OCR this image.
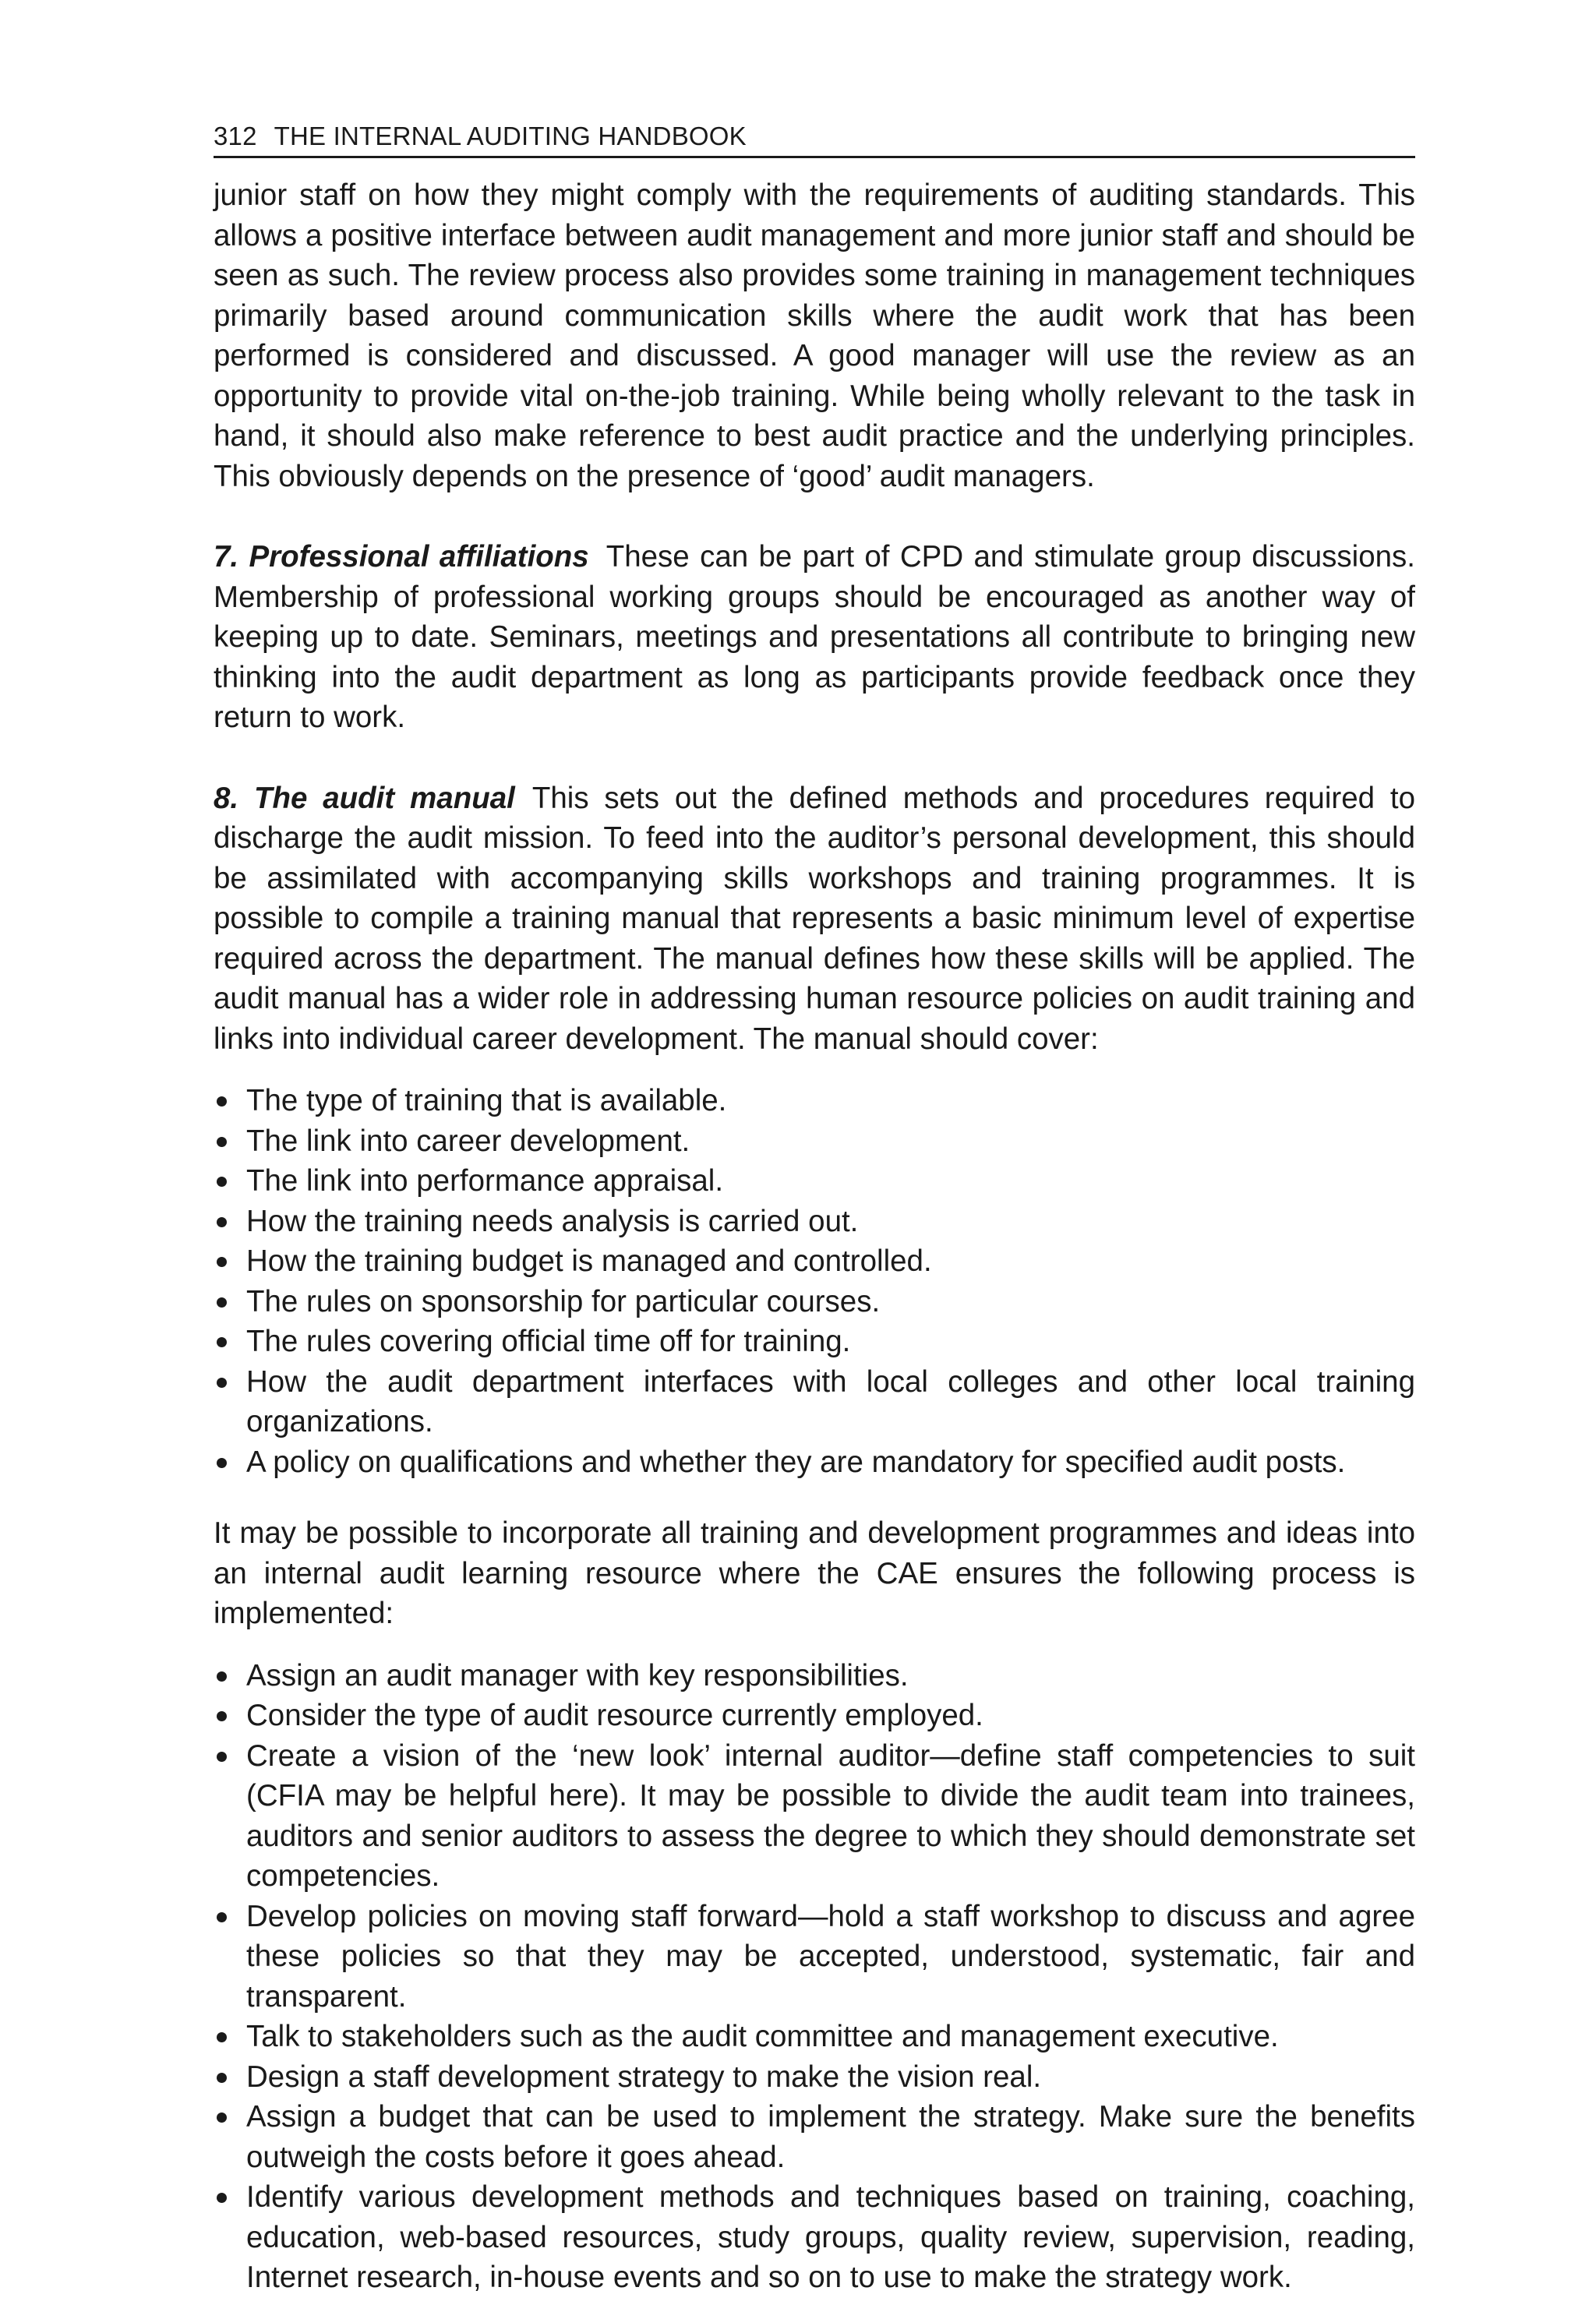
312 THE INTERNAL AUDITING HANDBOOK

junior staff on how they might comply with the requirements of auditing standards. This allows a positive interface between audit management and more junior staff and should be seen as such. The review process also provides some training in management techniques primarily based around communication skills where the audit work that has been performed is considered and discussed. A good manager will use the review as an opportunity to provide vital on-the-job training. While being wholly relevant to the task in hand, it should also make reference to best audit practice and the underlying principles. This obviously depends on the presence of ‘good’ audit managers.

7. Professional affiliations These can be part of CPD and stimulate group discussions. Membership of professional working groups should be encouraged as another way of keeping up to date. Seminars, meetings and presentations all contribute to bringing new thinking into the audit department as long as participants provide feedback once they return to work.

8. The audit manual This sets out the defined methods and procedures required to discharge the audit mission. To feed into the auditor’s personal development, this should be assimilated with accompanying skills workshops and training programmes. It is possible to compile a training manual that represents a basic minimum level of expertise required across the department. The manual defines how these skills will be applied. The audit manual has a wider role in addressing human resource policies on audit training and links into individual career development. The manual should cover:

The type of training that is available.
The link into career development.
The link into performance appraisal.
How the training needs analysis is carried out.
How the training budget is managed and controlled.
The rules on sponsorship for particular courses.
The rules covering official time off for training.
How the audit department interfaces with local colleges and other local training organizations.
A policy on qualifications and whether they are mandatory for specified audit posts.

It may be possible to incorporate all training and development programmes and ideas into an internal audit learning resource where the CAE ensures the following process is implemented:

Assign an audit manager with key responsibilities.
Consider the type of audit resource currently employed.
Create a vision of the ‘new look’ internal auditor—define staff competencies to suit (CFIA may be helpful here). It may be possible to divide the audit team into trainees, auditors and senior auditors to assess the degree to which they should demonstrate set competencies.
Develop policies on moving staff forward—hold a staff workshop to discuss and agree these policies so that they may be accepted, understood, systematic, fair and transparent.
Talk to stakeholders such as the audit committee and management executive.
Design a staff development strategy to make the vision real.
Assign a budget that can be used to implement the strategy. Make sure the benefits outweigh the costs before it goes ahead.
Identify various development methods and techniques based on training, coaching, education, web-based resources, study groups, quality review, supervision, reading, Internet research, in-house events and so on to use to make the strategy work.
